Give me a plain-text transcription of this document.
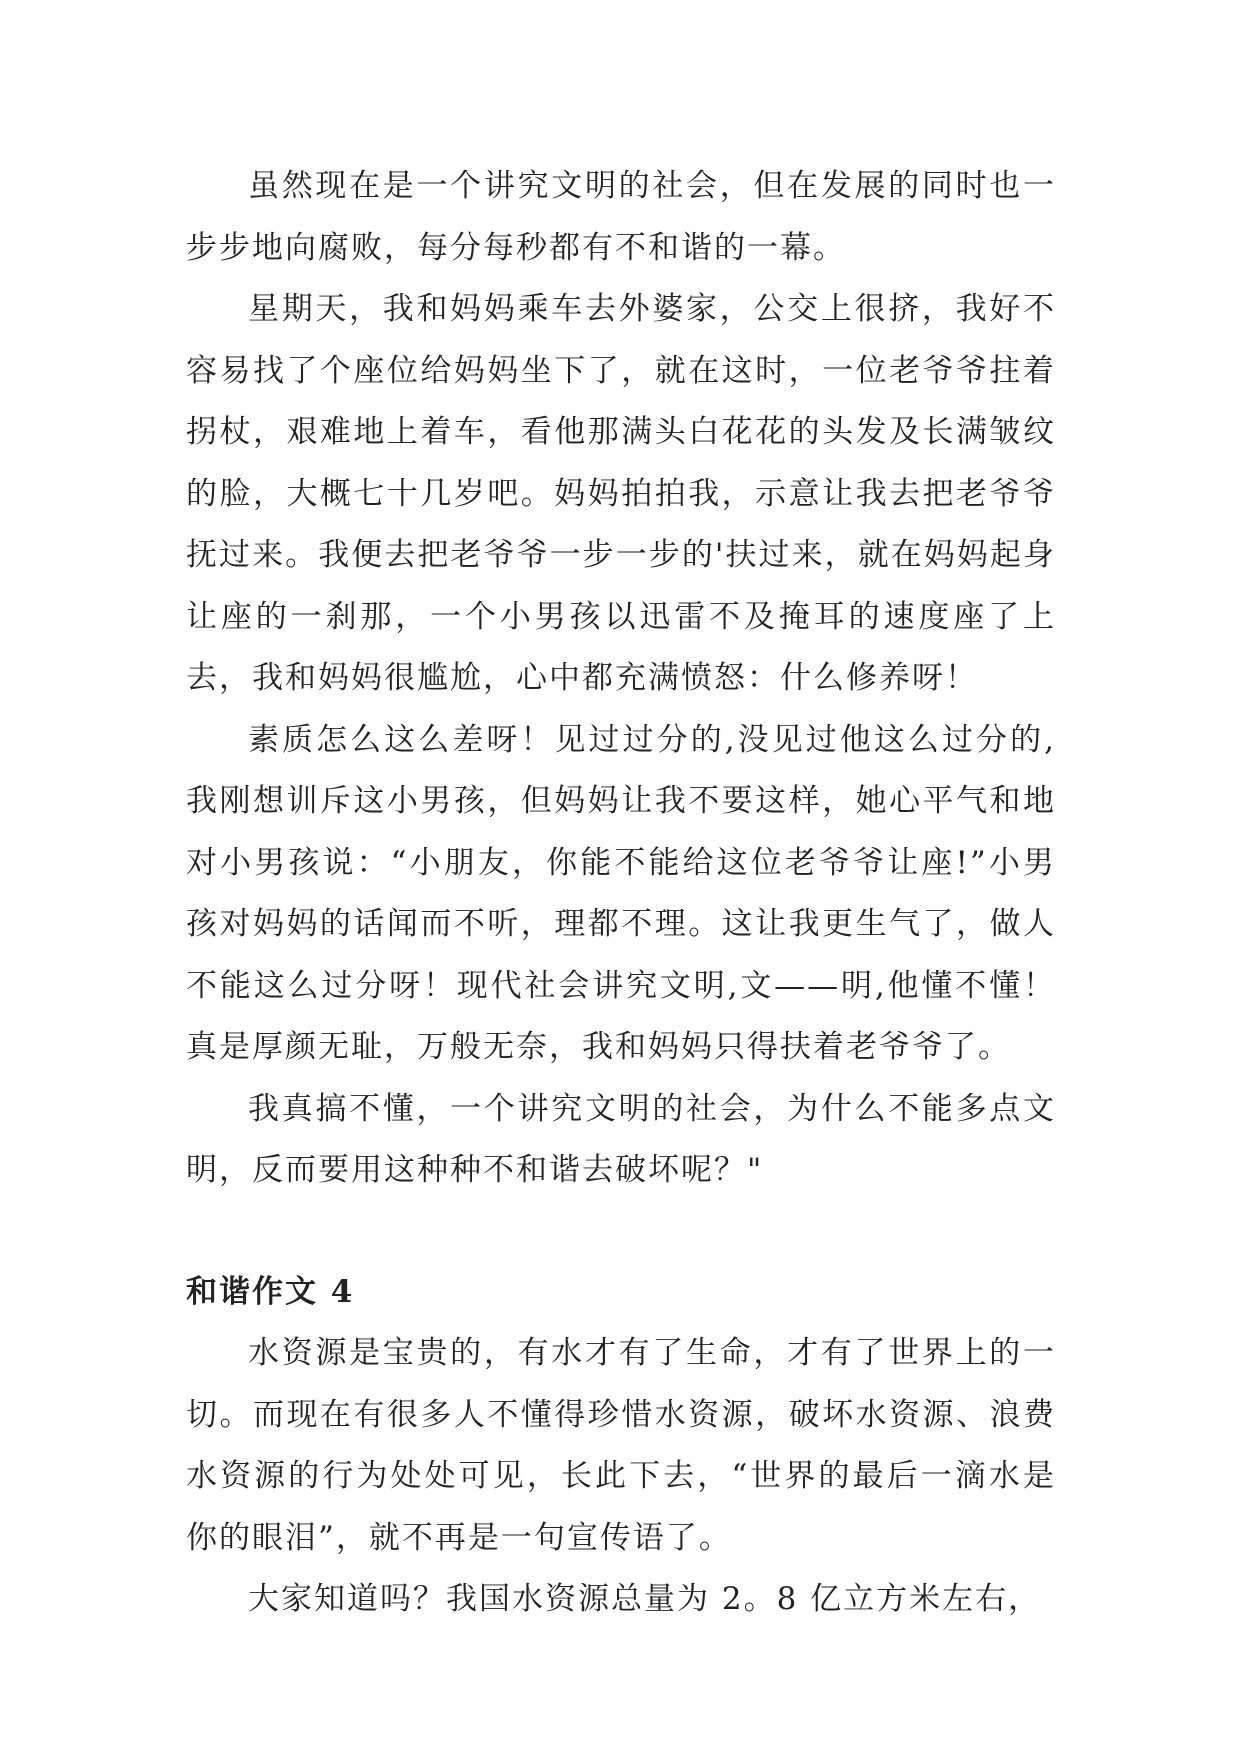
虽然现在是一个讲究文明的社会，但在发展的同时也一步步地向腐败，每分每秒都有不和谐的一幕。

星期天，我和妈妈乘车去外婆家，公交上很挤，我好不容易找了个座位给妈妈坐下了，就在这时，一位老爷爷拄着拐杖，艰难地上着车，看他那满头白花花的头发及长满皱纹的脸，大概七十几岁吧。妈妈拍拍我，示意让我去把老爷爷抚过来。我便去把老爷爷一步一步的'扶过来，就在妈妈起身让座的一刹那，一个小男孩以迅雷不及掩耳的速度座了上去，我和妈妈很尴尬，心中都充满愤怒：什么修养呀！

素质怎么这么差呀！见过过分的,没见过他这么过分的,我刚想训斥这小男孩，但妈妈让我不要这样，她心平气和地对小男孩说：“小朋友，你能不能给这位老爷爷让座!”小男孩对妈妈的话闻而不听，理都不理。这让我更生气了，做人不能这么过分呀！现代社会讲究文明,文——明,他懂不懂！真是厚颜无耻，万般无奈，我和妈妈只得扶着老爷爷了。

我真搞不懂，一个讲究文明的社会，为什么不能多点文明，反而要用这种种不和谐去破坏呢？"

和谐作文 4

水资源是宝贵的，有水才有了生命，才有了世界上的一切。而现在有很多人不懂得珍惜水资源，破坏水资源、浪费水资源的行为处处可见，长此下去，“世界的最后一滴水是你的眼泪”，就不再是一句宣传语了。

大家知道吗？我国水资源总量为 2。8 亿立方米左右，
